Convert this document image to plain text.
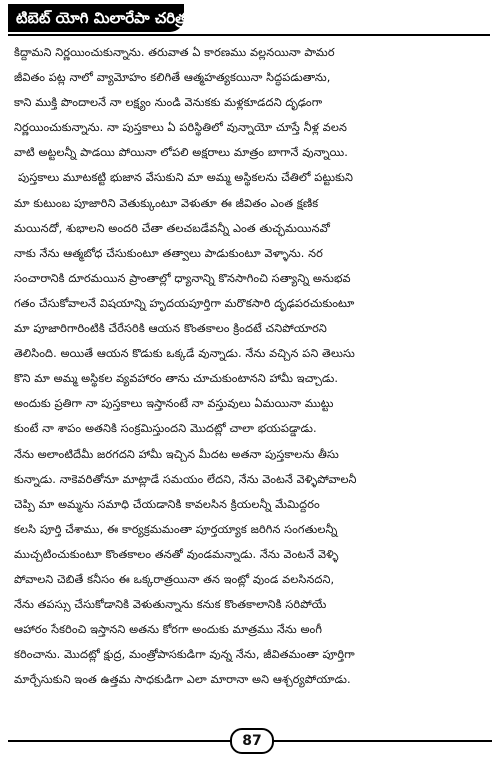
టిబెట్ యోగి మిలారేపా చరిత్ర
కిద్దామని నిర్ణయించుకున్నాను. తరువాత ఏ కారణము వల్లనయినా పామర
జీవితం పట్ల నాలో వ్యామోహం కలిగితే ఆత్మహత్యకయినా సిద్ధపడుతాను,
కాని ముక్తి పొందాలనే నా లక్ష్యం నుండి వెనుకకు మళ్లకూడదని దృఢంగా
నిర్ణయించుకున్నాను. నా పుస్తకాలు ఏ పరిస్థితిలో వున్నాయో చూస్తే నీళ్ల వలన
వాటి అట్టలన్నీ పాడయి పోయినా లోపలి అక్షరాలు మాత్రం బాగానే వున్నాయి.
పుస్తకాలు మూటకట్టి భుజాన వేసుకుని మా అమ్మ అస్థికలను చేతిలో పట్టుకుని
మా కుటుంబ పూజారిని వెతుక్కుంటూ వెళుతూ ఈ జీవితం ఎంత క్షణిక
మయినదో, శుభాలని అందరి చేతా తలచబడేవన్నీ ఎంత తుచ్ఛమయినవో
నాకు నేను ఆత్మబోధ చేసుకుంటూ తత్వాలు పాడుకుంటూ వెళ్ళాను. నర
సంచారానికి దూరమయిన ప్రాంతాల్లో ధ్యానాన్ని కొనసాగించి సత్యాన్ని అనుభవ
గతం చేసుకోవాలనే విషయాన్ని హృదయపూర్తిగా మరొకసారి దృఢపరచుకుంటూ
మా పూజారిగారింటికి చేరేసరికి ఆయన కొంతకాలం క్రిందటే చనిపోయారని
తెలిసింది. అయితే ఆయన కొడుకు ఒక్కడే వున్నాడు. నేను వచ్చిన పని తెలుసు
కొని మా అమ్మ అస్థికల వ్యవహారం తాను చూచుకుంటానని హామీ ఇచ్చాడు.
అందుకు ప్రతిగా నా పుస్తకాలు ఇస్తానంటే నా వస్తువులు ఏమయినా ముట్టు
కుంటే నా శాపం అతనికి సంక్రమిస్తుందని మొదట్లో చాలా భయపడ్డాడు.
నేను అలాంటిదేమీ జరగదని హామీ ఇచ్చిన మీదట అతనా పుస్తకాలను తీసు
కున్నాడు. నాకెవరితోనూ మాట్లాడే సమయం లేదని, నేను వెంటనే వెళ్ళిపోవాలనీ
చెప్పి మా అమ్మను సమాధి చేయడానికి కావలసిన క్రియలన్నీ మేమిద్దరం
కలసి పూర్తి చేశాము, ఈ కార్యక్రమమంతా పూర్తయ్యాక జరిగిన సంగతులన్నీ
ముచ్చటించుకుంటూ కొంతకాలం తనతో వుండమన్నాడు. నేను వెంటనే వెళ్ళి
పోవాలని చెబితే కనీసం ఈ ఒక్కరాత్రయినా తన ఇంట్లో వుండ వలసినదని,
నేను తపస్సు చేసుకోడానికి వెళుతున్నాను కనుక కొంతకాలానికి సరిపోయే
ఆహారం సేకరించి ఇస్తానని అతను కోరగా అందుకు మాత్రము నేను అంగీ
కరించాను. మొదట్లో క్షుద్ర, మంత్రోపాసకుడిగా వున్న నేను, జీవితమంతా పూర్తిగా
మార్చేసుకుని ఇంత ఉత్తమ సాధకుడిగా ఎలా మారానా అని ఆశ్చర్యపోయాడు.
87
